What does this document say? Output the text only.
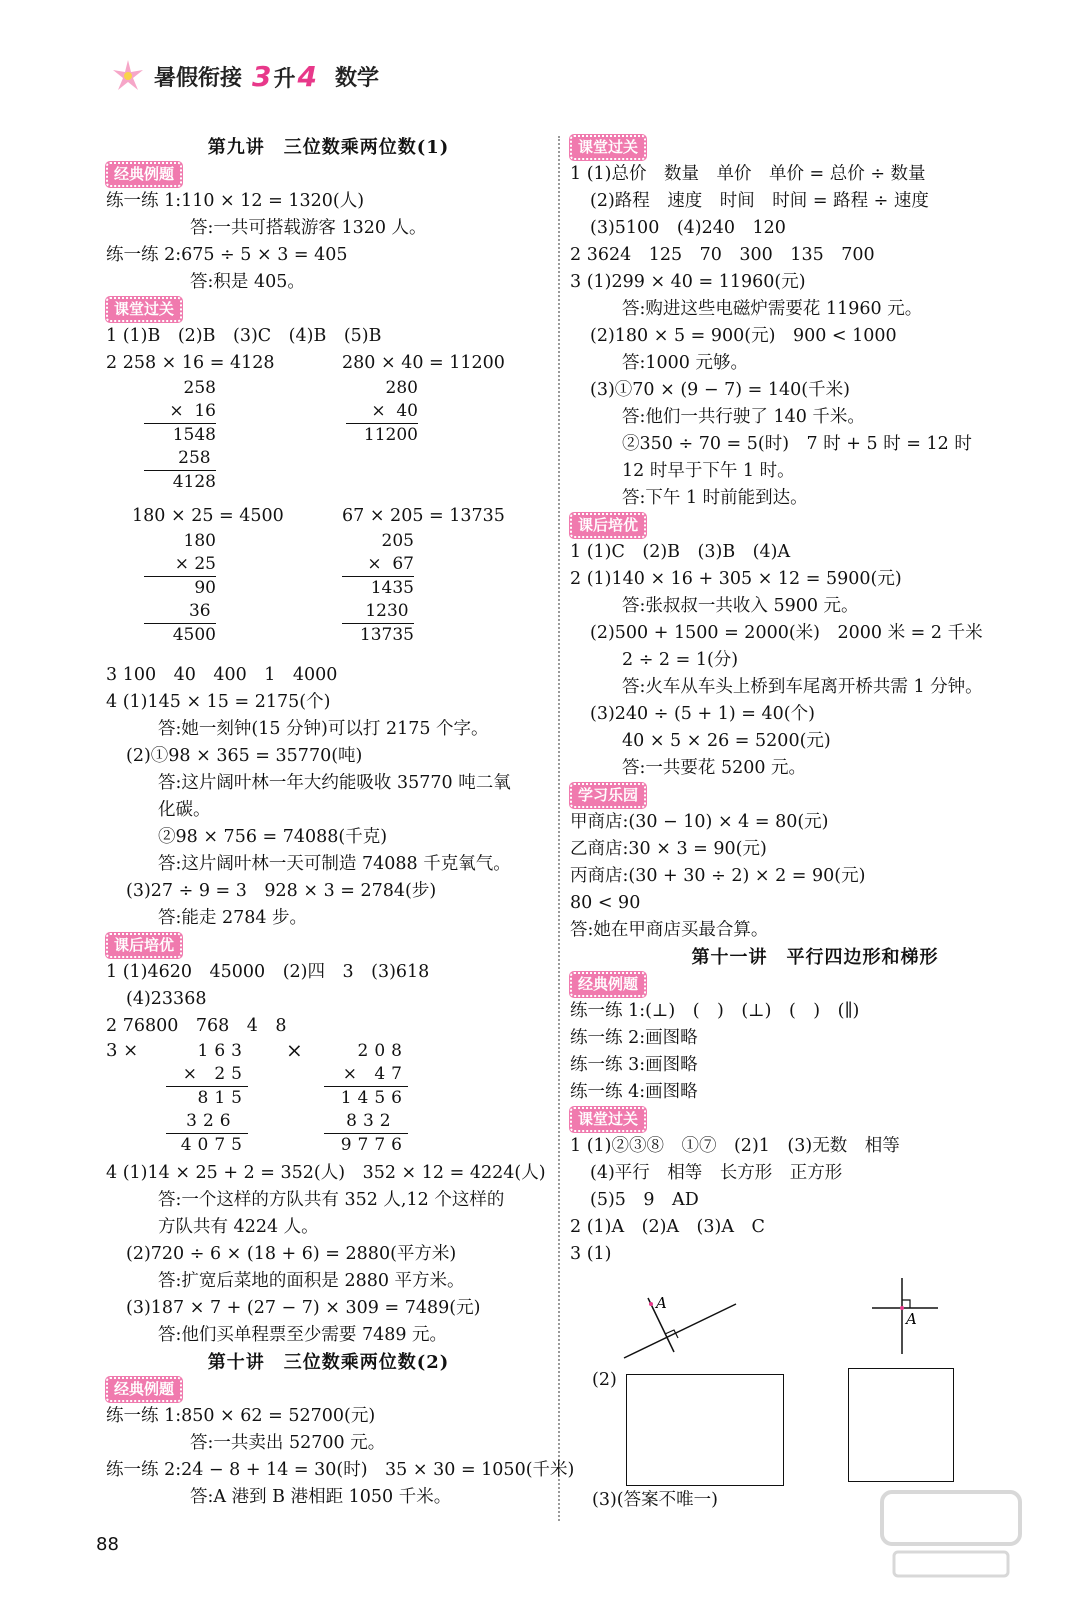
暑假衔接 3升4 数学
第九讲　三位数乘两位数(1)
经典例题
练一练 1:110 × 12 = 1320(人)
答:一共可搭载游客 1320 人。
练一练 2:675 ÷ 5 × 3 = 405
答:积是 405。
课堂过关
1 (1)B　(2)B　(3)C　(4)B　(5)B
2 258 × 16 = 4128	280 × 40 = 11200
258
×  16
1548
258
4128
280
×  40
11200
180 × 25 = 4500	67 × 205 = 13735
180
× 25
90
36
4500
205
×  67
1435
1230
13735
3 100　40　400　1　4000
4 (1)145 × 15 = 2175(个)
答:她一刻钟(15 分钟)可以打 2175 个字。
(2)①98 × 365 = 35770(吨)
答:这片阔叶林一年大约能吸收 35770 吨二氧
化碳。
②98 × 756 = 74088(千克)
答:这片阔叶林一天可制造 74088 千克氧气。
(3)27 ÷ 9 = 3　928 × 3 = 2784(步)
答:能走 2784 步。
课后培优
1 (1)4620　45000　(2)四　3　(3)618
(4)23368
2 76800　768　4　8
3 ×	163
× 25
815
326
4075
×	208
× 47
1456
832
9776
4 (1)14 × 25 + 2 = 352(人)　352 × 12 = 4224(人)
答:一个这样的方队共有 352 人,12 个这样的
方队共有 4224 人。
(2)720 ÷ 6 × (18 + 6) = 2880(平方米)
答:扩宽后菜地的面积是 2880 平方米。
(3)187 × 7 + (27 − 7) × 309 = 7489(元)
答:他们买单程票至少需要 7489 元。
第十讲　三位数乘两位数(2)
经典例题
练一练 1:850 × 62 = 52700(元)
答:一共卖出 52700 元。
练一练 2:24 − 8 + 14 = 30(时)　35 × 30 = 1050(千米)
答:A 港到 B 港相距 1050 千米。
课堂过关
1 (1)总价　数量　单价　单价 = 总价 ÷ 数量
(2)路程　速度　时间　时间 = 路程 ÷ 速度
(3)5100　(4)240　120
2 3624　125　70　300　135　700
3 (1)299 × 40 = 11960(元)
答:购进这些电磁炉需要花 11960 元。
(2)180 × 5 = 900(元)　900 < 1000
答:1000 元够。
(3)①70 × (9 − 7) = 140(千米)
答:他们一共行驶了 140 千米。
②350 ÷ 70 = 5(时)　7 时 + 5 时 = 12 时
12 时早于下午 1 时。
答:下午 1 时前能到达。
课后培优
1 (1)C　(2)B　(3)B　(4)A
2 (1)140 × 16 + 305 × 12 = 5900(元)
答:张叔叔一共收入 5900 元。
(2)500 + 1500 = 2000(米)　2000 米 = 2 千米
2 ÷ 2 = 1(分)
答:火车从车头上桥到车尾离开桥共需 1 分钟。
(3)240 ÷ (5 + 1) = 40(个)
40 × 5 × 26 = 5200(元)
答:一共要花 5200 元。
学习乐园
甲商店:(30 − 10) × 4 = 80(元)
乙商店:30 × 3 = 90(元)
丙商店:(30 + 30 ÷ 2) × 2 = 90(元)
80 < 90
答:她在甲商店买最合算。
第十一讲　平行四边形和梯形
经典例题
练一练 1:(⊥)　(　)　(⊥)　(　)　(∥)
练一练 2:画图略
练一练 3:画图略
练一练 4:画图略
课堂过关
1 (1)②③⑧　①⑦　(2)1　(3)无数　相等
(4)平行　相等　长方形　正方形
(5)5　9　AD
2 (1)A　(2)A　(3)A　C
3 (1)
A
A
(2)
(3)(答案不唯一)
88
